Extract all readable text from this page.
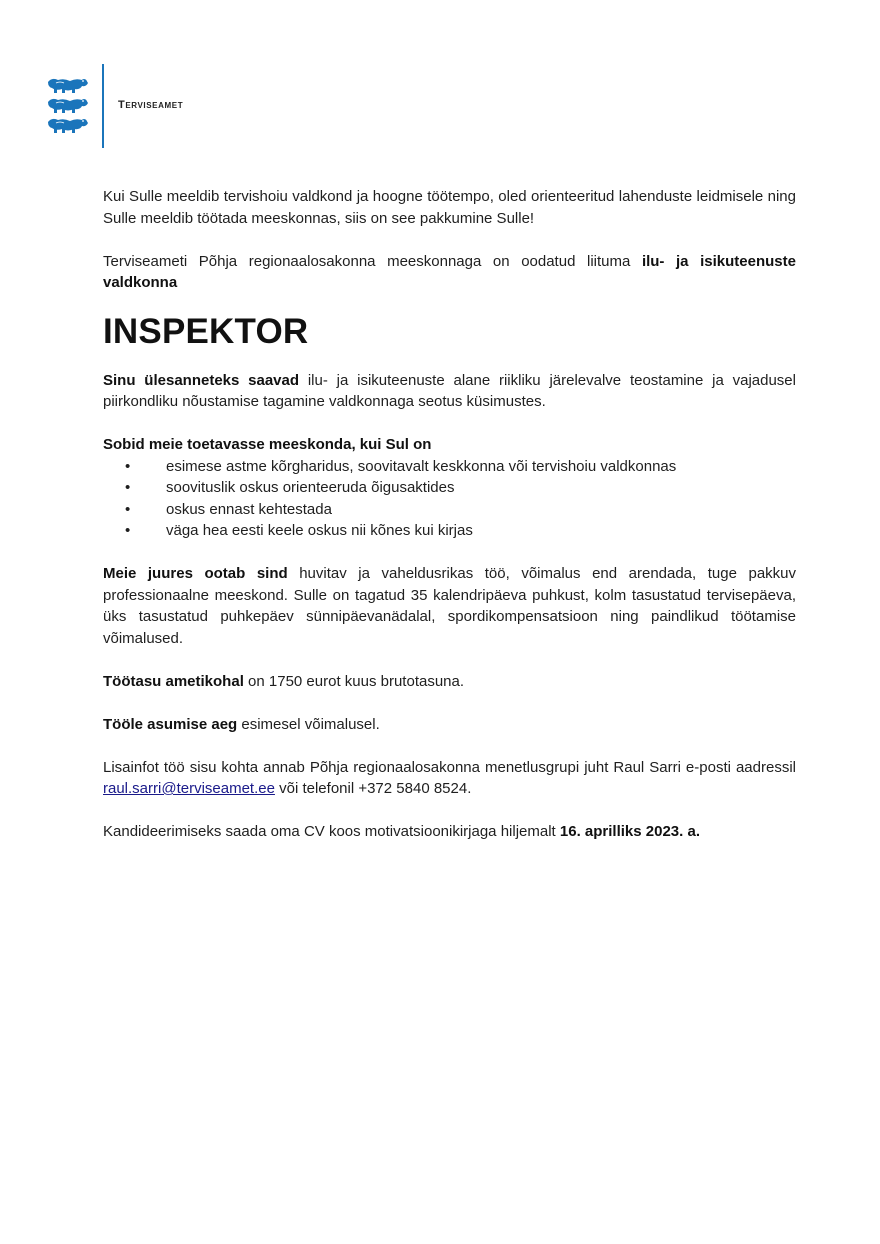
Terviseamet

Kui Sulle meeldib tervishoiu valdkond ja hoogne töötempo, oled orienteeritud lahenduste leidmisele ning Sulle meeldib töötada meeskonnas, siis on see pakkumine Sulle!

Terviseameti Põhja regionaalosakonna meeskonnaga on oodatud liituma ilu- ja isikuteenuste valdkonna

INSPEKTOR

Sinu ülesanneteks saavad ilu- ja isikuteenuste alane riikliku järelevalve teostamine ja vajadusel piirkondliku nõustamise tagamine valdkonnaga seotus küsimustes.

Sobid meie toetavasse meeskonda, kui Sul on

• esimese astme kõrgharidus, soovitavalt keskkonna või tervishoiu valdkonnas
• soovituslik oskus orienteeruda õigusaktides
• oskus ennast kehtestada
• väga hea eesti keele oskus nii kõnes kui kirjas

Meie juures ootab sind huvitav ja vaheldusrikas töö, võimalus end arendada, tuge pakkuv professionaalne meeskond. Sulle on tagatud 35 kalendripäeva puhkust, kolm tasustatud tervisepäeva, üks tasustatud puhkepäev sünnipäevanädalal, spordikompensatsioon ning paindlikud töötamise võimalused.

Töötasu ametikohal on 1750 eurot kuus brutotasuna.

Tööle asumise aeg esimesel võimalusel.

Lisainfot töö sisu kohta annab Põhja regionaalosakonna menetlusgrupi juht Raul Sarri e-posti aadressil raul.sarri@terviseamet.ee või telefonil +372 5840 8524.

Kandideerimiseks saada oma CV koos motivatsioonikirjaga hiljemalt 16. aprilliks 2023. a.
